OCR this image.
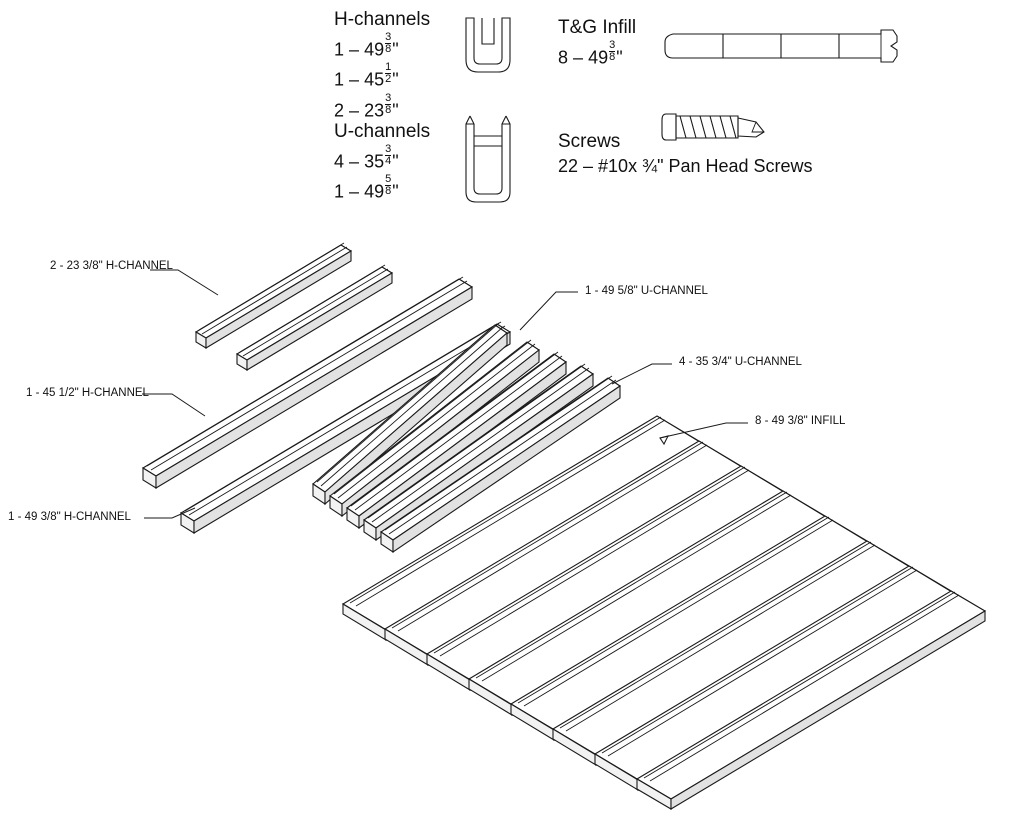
H-channels
$1 - 49 \frac{3}{8}$ "
$1 - 45 \frac{1}{2}$ "
$2 - 23 \frac{3}{8}$ "
U-channels
$4 - 35 \frac{3}{4}$ "
$1 - 49 \frac{5}{8}$ "
T&G Infill
$8 - 49 \frac{3}{8}$ "
Screws
22 – #10x ¾" Pan Head Screws
2 - 23 3/8" H-CHANNEL
1 - 45 1/2" H-CHANNEL
1 - 49 3/8" H-CHANNEL
1 - 49 5/8" U-CHANNEL
4 - 35 3/4" U-CHANNEL
8 - 49 3/8" INFILL
